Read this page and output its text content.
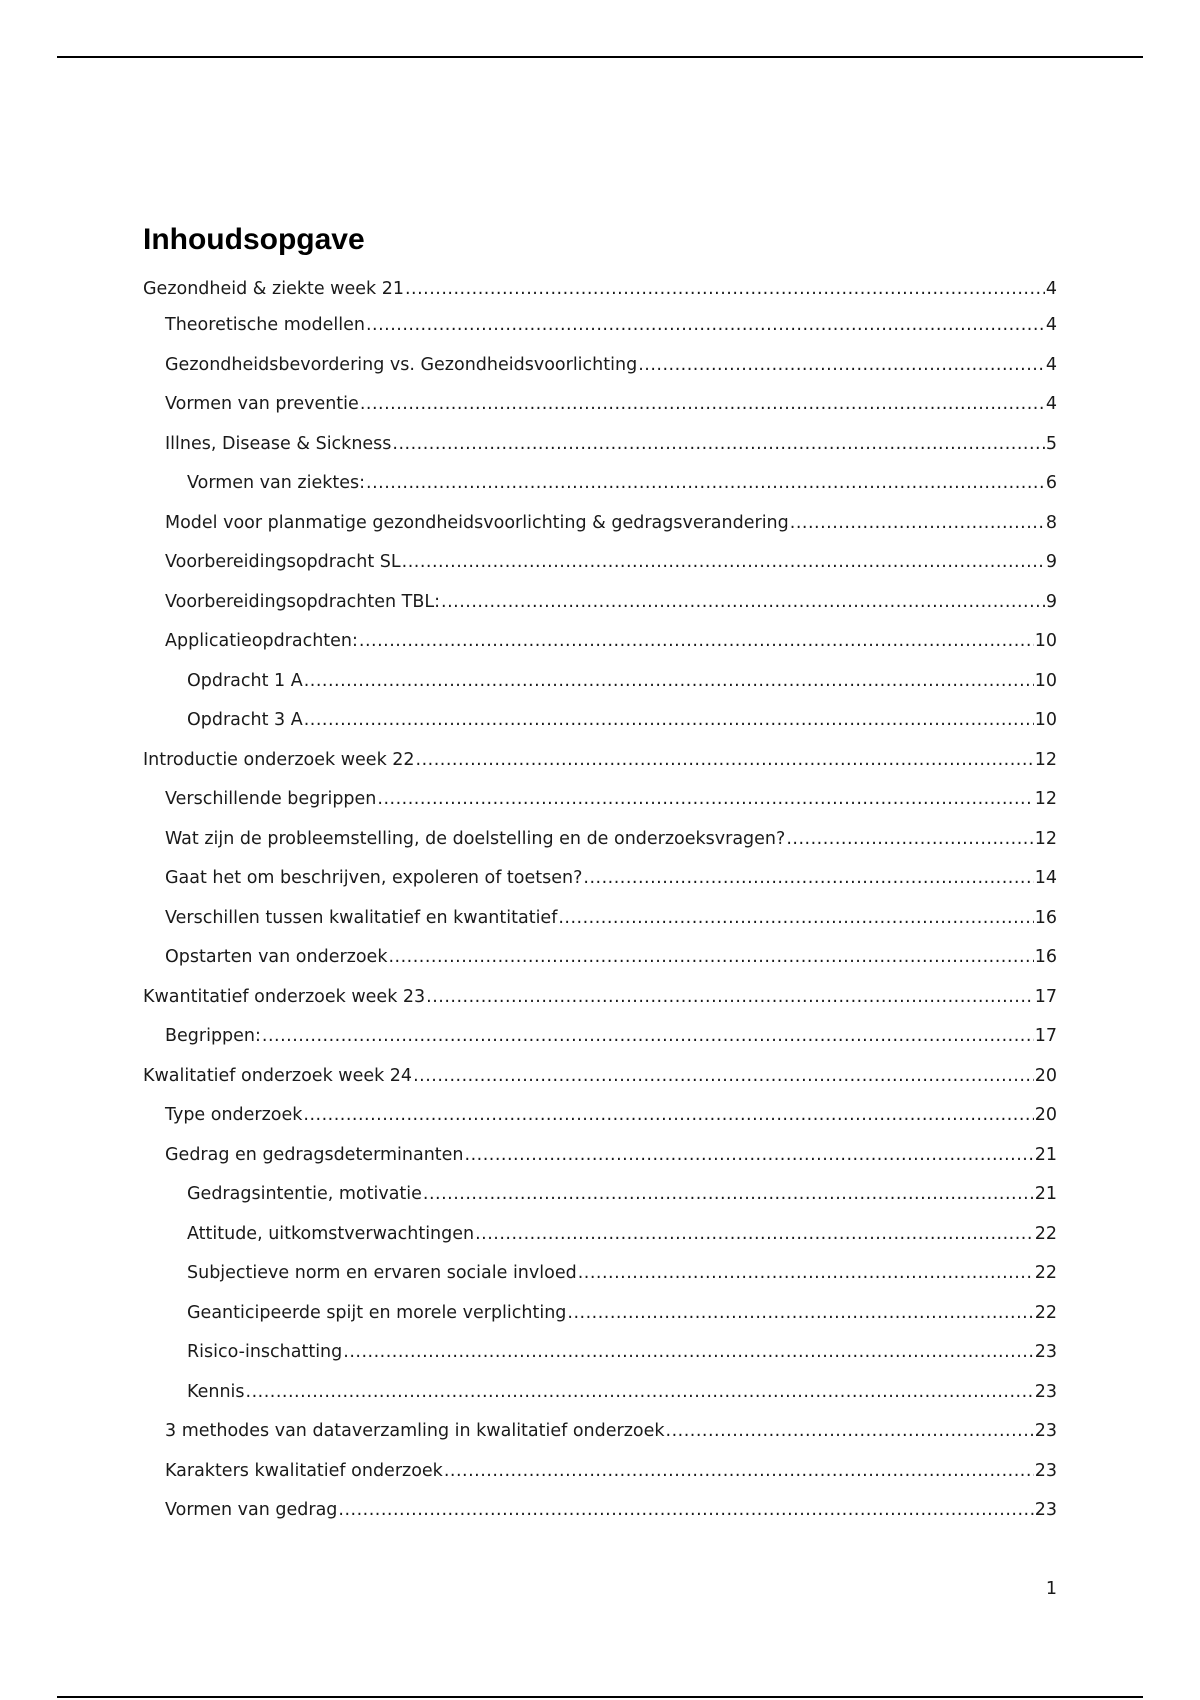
Inhoudsopgave
Gezondheid & ziekte week 21 .....	4
Theoretische modellen .....	4
Gezondheidsbevordering vs. Gezondheidsvoorlichting .....	4
Vormen van preventie .....	4
Illnes, Disease & Sickness .....	5
Vormen van ziektes: .....	6
Model voor planmatige gezondheidsvoorlichting & gedragsverandering .....	8
Voorbereidingsopdracht SL .....	9
Voorbereidingsopdrachten TBL: .....	9
Applicatieopdrachten: .....	10
Opdracht 1 A .....	10
Opdracht 3 A .....	10
Introductie onderzoek week 22 .....	12
Verschillende begrippen .....	12
Wat zijn de probleemstelling, de doelstelling en de onderzoeksvragen? .....	12
Gaat het om beschrijven, expoleren of toetsen? .....	14
Verschillen tussen kwalitatief en kwantitatief .....	16
Opstarten van onderzoek .....	16
Kwantitatief onderzoek week 23 .....	17
Begrippen: .....	17
Kwalitatief onderzoek week 24 .....	20
Type onderzoek .....	20
Gedrag en gedragsdeterminanten .....	21
Gedragsintentie, motivatie .....	21
Attitude, uitkomstverwachtingen .....	22
Subjectieve norm en ervaren sociale invloed .....	22
Geanticipeerde spijt en morele verplichting .....	22
Risico-inschatting .....	23
Kennis .....	23
3 methodes van dataverzamling in kwalitatief onderzoek .....	23
Karakters kwalitatief onderzoek .....	23
Vormen van gedrag .....	23
1
